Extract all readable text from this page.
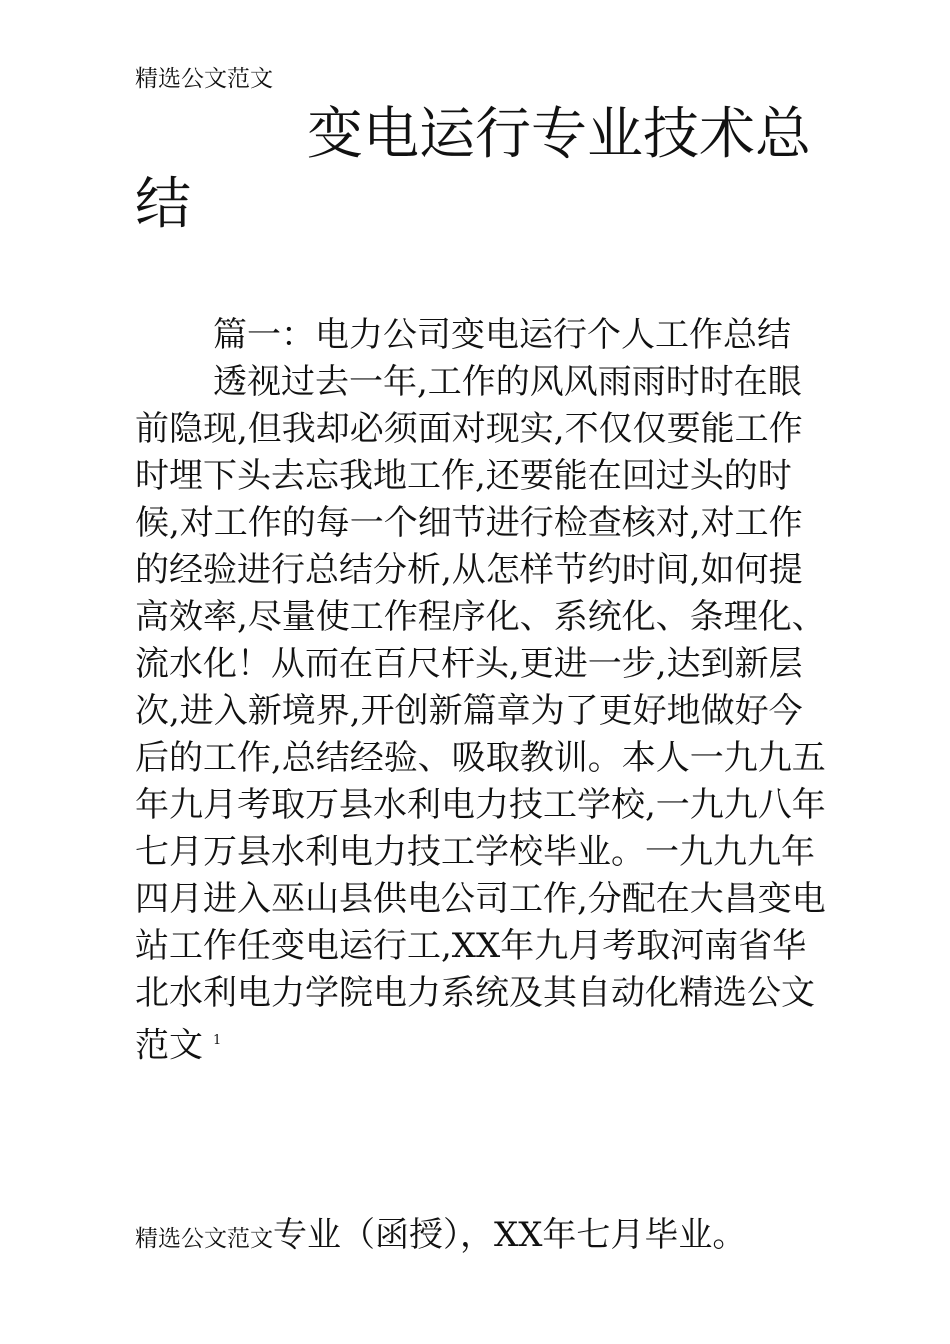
精选公文范文
变电运行专业技术总结

篇一：电力公司变电运行个人工作总结

透视过去一年,工作的风风雨雨时时在眼前隐现,但我却必须面对现实,不仅仅要能工作时埋下头去忘我地工作,还要能在回过头的时候,对工作的每一个细节进行检查核对,对工作的经验进行总结分析,从怎样节约时间,如何提高效率,尽量使工作程序化、系统化、条理化、流水化！从而在百尺杆头,更进一步,达到新层次,进入新境界,开创新篇章为了更好地做好今后的工作,总结经验、吸取教训。本人一九九五年九月考取万县水利电力技工学校,一九九八年七月万县水利电力技工学校毕业。一九九九年四月进入巫山县供电公司工作,分配在大昌变电站工作任变电运行工,XX年九月考取河南省华北水利电力学院电力系统及其自动化精选公文范文 $^1$

精选公文范文专业（函授），XX年七月毕业。
